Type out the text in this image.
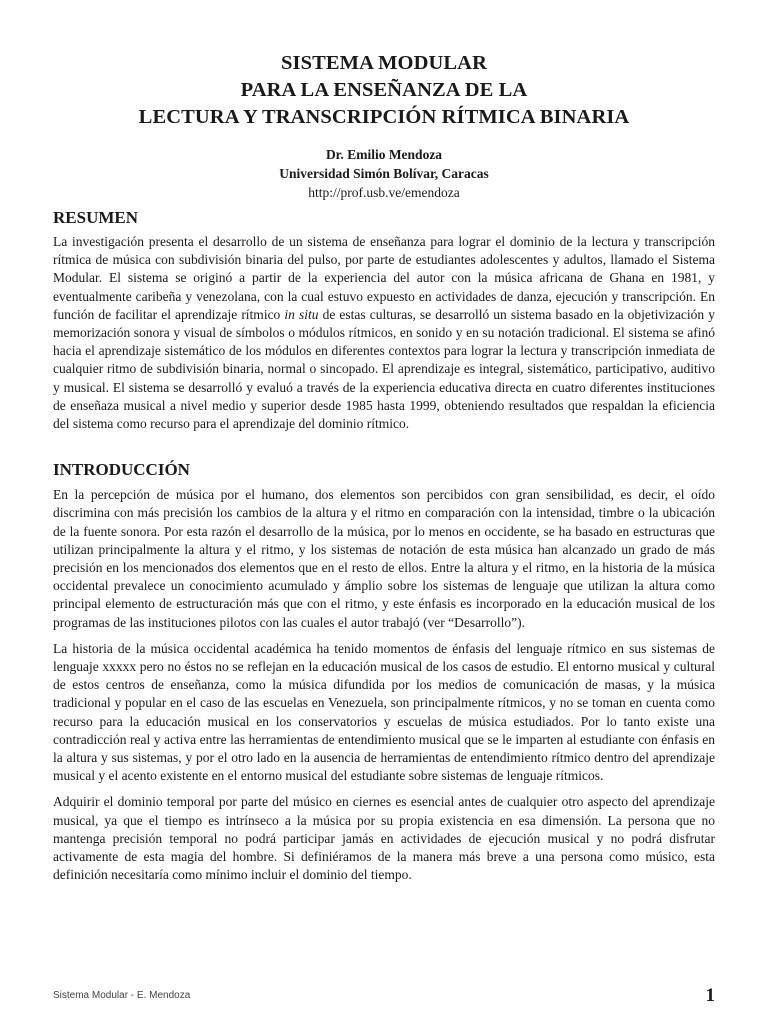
SISTEMA MODULAR
PARA LA ENSEÑANZA DE LA
LECTURA Y TRANSCRIPCIÓN RÍTMICA BINARIA
Dr. Emilio Mendoza
Universidad Simón Bolívar, Caracas
http://prof.usb.ve/emendoza
RESUMEN

La investigación presenta el desarrollo de un sistema de enseñanza para lograr el dominio de la lectura y transcripción rítmica de música con subdivisión binaria del pulso, por parte de estudiantes adolescentes y adultos, llamado el Sistema Modular. El sistema se originó a partir de la experiencia del autor con la música africana de Ghana en 1981, y eventualmente caribeña y venezolana, con la cual estuvo expuesto en actividades de danza, ejecución y transcripción. En función de facilitar el aprendizaje rítmico in situ de estas culturas, se desarrolló un sistema basado en la objetivización y memorización sonora y visual de símbolos o módulos rítmicos, en sonido y en su notación tradicional. El sistema se afinó hacia el aprendizaje sistemático de los módulos en diferentes contextos para lograr la lectura y transcripción inmediata de cualquier ritmo de subdivisión binaria, normal o sincopado. El aprendizaje es integral, sistemático, participativo, auditivo y musical. El sistema se desarrolló y evaluó a través de la experiencia educativa directa en cuatro diferentes instituciones de enseñaza musical a nivel medio y superior desde 1985 hasta 1999, obteniendo resultados que respaldan la eficiencia del sistema como recurso para el aprendizaje del dominio rítmico.

INTRODUCCIÓN

En la percepción de música por el humano, dos elementos son percibidos con gran sensibilidad, es decir, el oído discrimina con más precisión los cambios de la altura y el ritmo en comparación con la intensidad, timbre o la ubicación de la fuente sonora. Por esta razón el desarrollo de la música, por lo menos en occidente, se ha basado en estructuras que utilizan principalmente la altura y el ritmo, y los sistemas de notación de esta música han alcanzado un grado de más precisión en los mencionados dos elementos que en el resto de ellos. Entre la altura y el ritmo, en la historia de la música occidental prevalece un conocimiento acumulado y ámplio sobre los sistemas de lenguaje que utilizan la altura como principal elemento de estructuración más que con el ritmo, y este énfasis es incorporado en la educación musical de los programas de las instituciones pilotos con las cuales el autor trabajó (ver “Desarrollo”).

La historia de la música occidental académica ha tenido momentos de énfasis del lenguaje rítmico en sus sistemas de lenguaje xxxxx pero no éstos no se reflejan en la educación musical de los casos de estudio. El entorno musical y cultural de estos centros de enseñanza, como la música difundida por los medios de comunicación de masas, y la música tradicional y popular en el caso de las escuelas en Venezuela, son principalmente rítmicos, y no se toman en cuenta como recurso para la educación musical en los conservatorios y escuelas de música estudiados. Por lo tanto existe una contradicción real y activa entre las herramientas de entendimiento musical que se le imparten al estudiante con énfasis en la altura y sus sistemas, y por el otro lado en la ausencia de herramientas de entendimiento rítmico dentro del aprendizaje musical y el acento existente en el entorno musical del estudiante sobre sistemas de lenguaje rítmicos.

Adquirir el dominio temporal por parte del músico en ciernes es esencial antes de cualquier otro aspecto del aprendizaje musical, ya que el tiempo es intrínseco a la música por su propia existencia en esa dimensión. La persona que no mantenga precisión temporal no podrá participar jamás en actividades de ejecución musical y no podrá disfrutar activamente de esta magia del hombre. Si definiéramos de la manera más breve a una persona como músico, esta definición necesitaría como mínimo incluir el dominio del tiempo.

Sistema Modular - E. Mendoza	1
